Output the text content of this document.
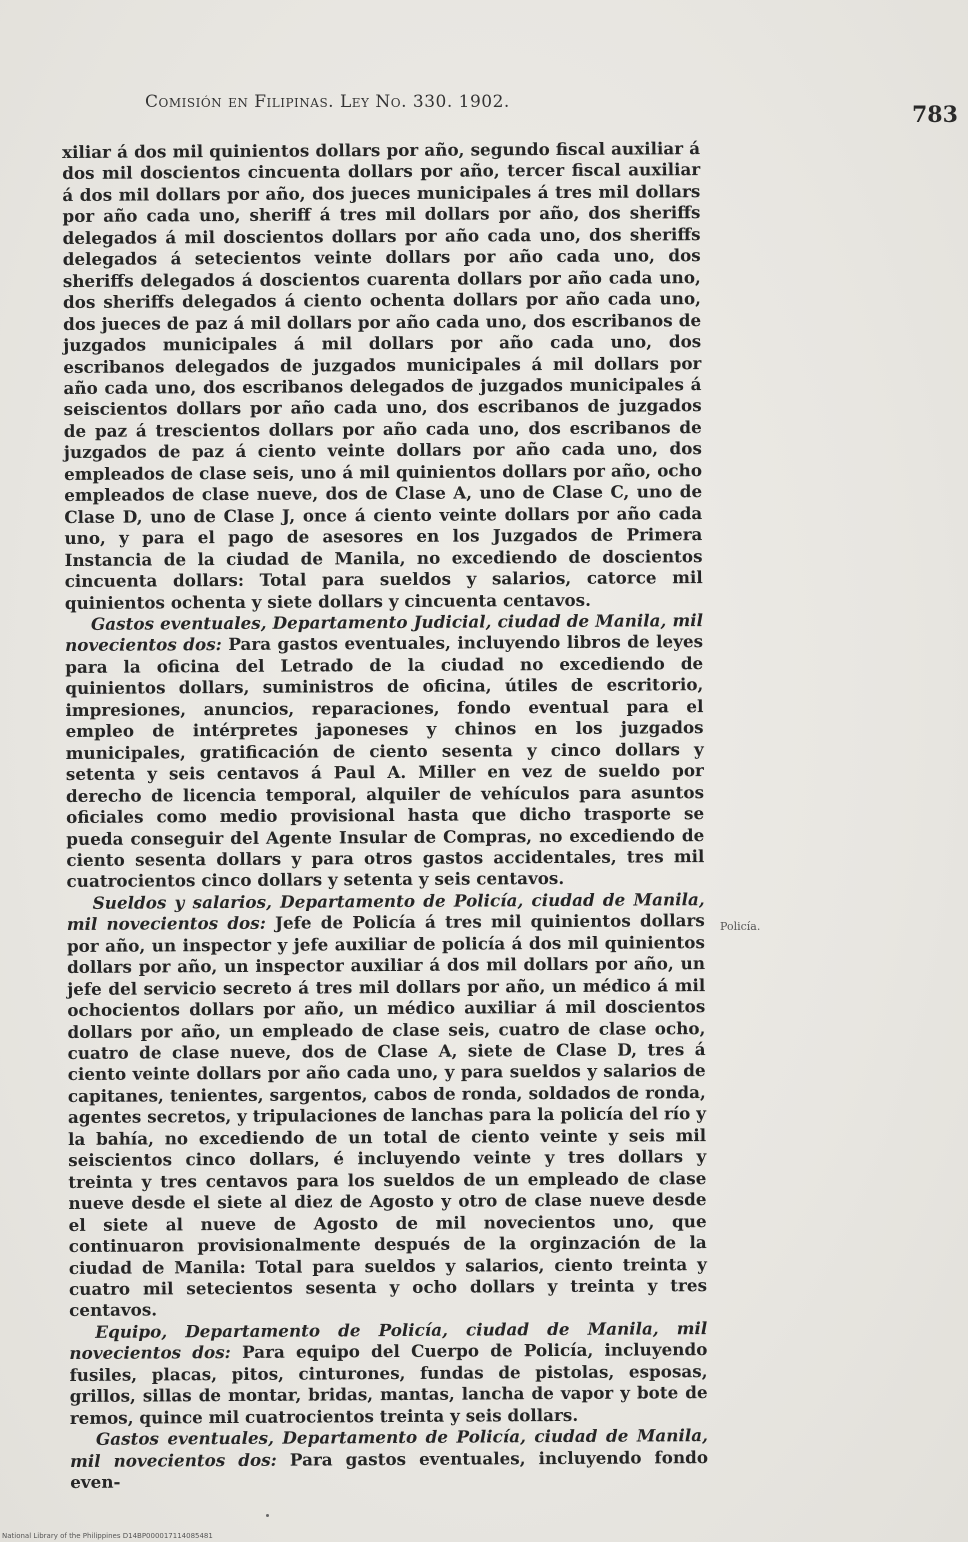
Comisión en Filipinas. Ley No. 330. 1902.	783

xiliar á dos mil quinientos dollars por año, segundo fiscal auxiliar á dos mil doscientos cincuenta dollars por año, tercer fiscal auxiliar á dos mil dollars por año, dos jueces municipales á tres mil dollars por año cada uno, sheriff á tres mil dollars por año, dos sheriffs delegados á mil doscientos dollars por año cada uno, dos sheriffs delegados á setecientos veinte dollars por año cada uno, dos sheriffs delegados á doscientos cuarenta dollars por año cada uno, dos sheriffs delegados á ciento ochenta dollars por año cada uno, dos jueces de paz á mil dollars por año cada uno, dos escribanos de juzgados municipales á mil dollars por año cada uno, dos escribanos delegados de juzgados municipales á mil dollars por año cada uno, dos escribanos delegados de juzgados municipales á seiscientos dollars por año cada uno, dos escribanos de juzgados de paz á trescientos dollars por año cada uno, dos escribanos de juzgados de paz á ciento veinte dollars por año cada uno, dos empleados de clase seis, uno á mil quinientos dollars por año, ocho empleados de clase nueve, dos de Clase A, uno de Clase C, uno de Clase D, uno de Clase J, once á ciento veinte dollars por año cada uno, y para el pago de asesores en los Juzgados de Primera Instancia de la ciudad de Manila, no excediendo de doscientos cincuenta dollars: Total para sueldos y salarios, catorce mil quinientos ochenta y siete dollars y cincuenta centavos.

Gastos eventuales, Departamento Judicial, ciudad de Manila, mil novecientos dos: Para gastos eventuales, incluyendo libros de leyes para la oficina del Letrado de la ciudad no excediendo de quinientos dollars, suministros de oficina, útiles de escritorio, impresiones, anuncios, reparaciones, fondo eventual para el empleo de intérpretes japoneses y chinos en los juzgados municipales, gratificación de ciento sesenta y cinco dollars y setenta y seis centavos á Paul A. Miller en vez de sueldo por derecho de licencia temporal, alquiler de vehículos para asuntos oficiales como medio provisional hasta que dicho trasporte se pueda conseguir del Agente Insular de Compras, no excediendo de ciento sesenta dollars y para otros gastos accidentales, tres mil cuatrocientos cinco dollars y setenta y seis centavos.

Sueldos y salarios, Departamento de Policía, ciudad de Manila, mil novecientos dos: Jefe de Policía á tres mil quinientos dollars por año, un inspector y jefe auxiliar de policía á dos mil quinientos dollars por año, un inspector auxiliar á dos mil dollars por año, un jefe del servicio secreto á tres mil dollars por año, un médico á mil ochocientos dollars por año, un médico auxiliar á mil doscientos dollars por año, un empleado de clase seis, cuatro de clase ocho, cuatro de clase nueve, dos de Clase A, siete de Clase D, tres á ciento veinte dollars por año cada uno, y para sueldos y salarios de capitanes, tenientes, sargentos, cabos de ronda, soldados de ronda, agentes secretos, y tripulaciones de lanchas para la policía del río y la bahía, no excediendo de un total de ciento veinte y seis mil seiscientos cinco dollars, é incluyendo veinte y tres dollars y treinta y tres centavos para los sueldos de un empleado de clase nueve desde el siete al diez de Agosto y otro de clase nueve desde el siete al nueve de Agosto de mil novecientos uno, que continuaron provisionalmente después de la orginzación de la ciudad de Manila: Total para sueldos y salarios, ciento treinta y cuatro mil setecientos sesenta y ocho dollars y treinta y tres centavos.

Equipo, Departamento de Policía, ciudad de Manila, mil novecientos dos: Para equipo del Cuerpo de Policía, incluyendo fusiles, placas, pitos, cinturones, fundas de pistolas, esposas, grillos, sillas de montar, bridas, mantas, lancha de vapor y bote de remos, quince mil cuatrocientos treinta y seis dollars.

Gastos eventuales, Departamento de Policía, ciudad de Manila, mil novecientos dos: Para gastos eventuales, incluyendo fondo even-

Policía.
National Library of the Philippines D14BP000017114085481
